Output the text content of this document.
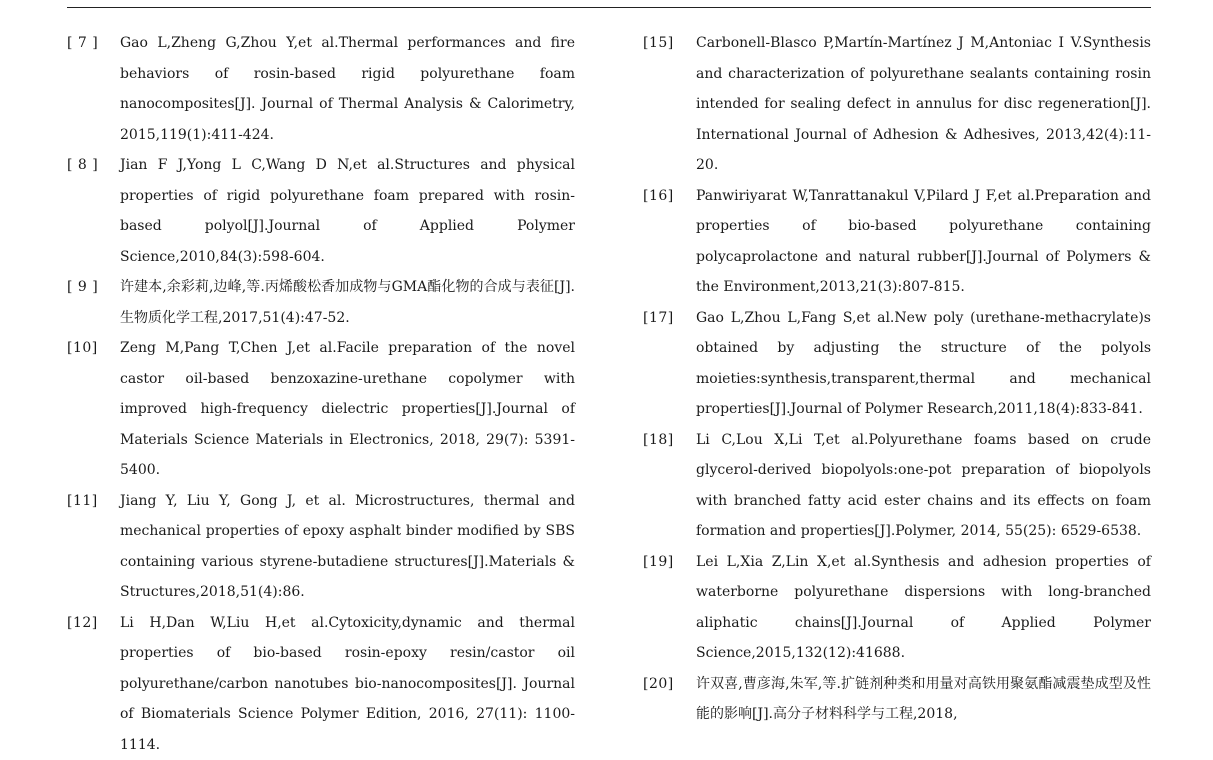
[ 7 ]	Gao L,Zheng G,Zhou Y,et al.Thermal performances and fire behaviors of rosin-based rigid polyurethane foam nanocomposites[J]. Journal of Thermal Analysis & Calorimetry, 2015,119(1):411-424.
[ 8 ]	Jian F J,Yong L C,Wang D N,et al.Structures and physical properties of rigid polyurethane foam prepared with rosin-based polyol[J].Journal of Applied Polymer Science,2010,84(3):598-604.
[ 9 ]	许建本,余彩莉,边峰,等.丙烯酸松香加成物与GMA酯化物的合成与表征[J].生物质化学工程,2017,51(4):47-52.
[10]	Zeng M,Pang T,Chen J,et al.Facile preparation of the novel castor oil-based benzoxazine-urethane copolymer with improved high-frequency dielectric properties[J].Journal of Materials Science Materials in Electronics, 2018, 29(7): 5391-5400.
[11]	Jiang Y, Liu Y, Gong J, et al. Microstructures, thermal and mechanical properties of epoxy asphalt binder modified by SBS containing various styrene-butadiene structures[J].Materials & Structures,2018,51(4):86.
[12]	Li H,Dan W,Liu H,et al.Cytoxicity,dynamic and thermal properties of bio-based rosin-epoxy resin/castor oil polyurethane/carbon nanotubes bio-nanocomposites[J]. Journal of Biomaterials Science Polymer Edition, 2016, 27(11): 1100-1114.
[15]	Carbonell-Blasco P,Martín-Martínez J M,Antoniac I V.Synthesis and characterization of polyurethane sealants containing rosin intended for sealing defect in annulus for disc regeneration[J]. International Journal of Adhesion & Adhesives, 2013,42(4):11-20.
[16]	Panwiriyarat W,Tanrattanakul V,Pilard J F,et al.Preparation and properties of bio-based polyurethane containing polycaprolactone and natural rubber[J].Journal of Polymers & the Environment,2013,21(3):807-815.
[17]	Gao L,Zhou L,Fang S,et al.New poly (urethane-methacrylate)s obtained by adjusting the structure of the polyols moieties:synthesis,transparent,thermal and mechanical properties[J].Journal of Polymer Research,2011,18(4):833-841.
[18]	Li C,Lou X,Li T,et al.Polyurethane foams based on crude glycerol-derived biopolyols:one-pot preparation of biopolyols with branched fatty acid ester chains and its effects on foam formation and properties[J].Polymer, 2014, 55(25): 6529-6538.
[19]	Lei L,Xia Z,Lin X,et al.Synthesis and adhesion properties of waterborne polyurethane dispersions with long-branched aliphatic chains[J].Journal of Applied Polymer Science,2015,132(12):41688.
[20]	许双喜,曹彦海,朱军,等.扩链剂种类和用量对高铁用聚氨酯减震垫成型及性能的影响[J].高分子材料科学与工程,2018,
